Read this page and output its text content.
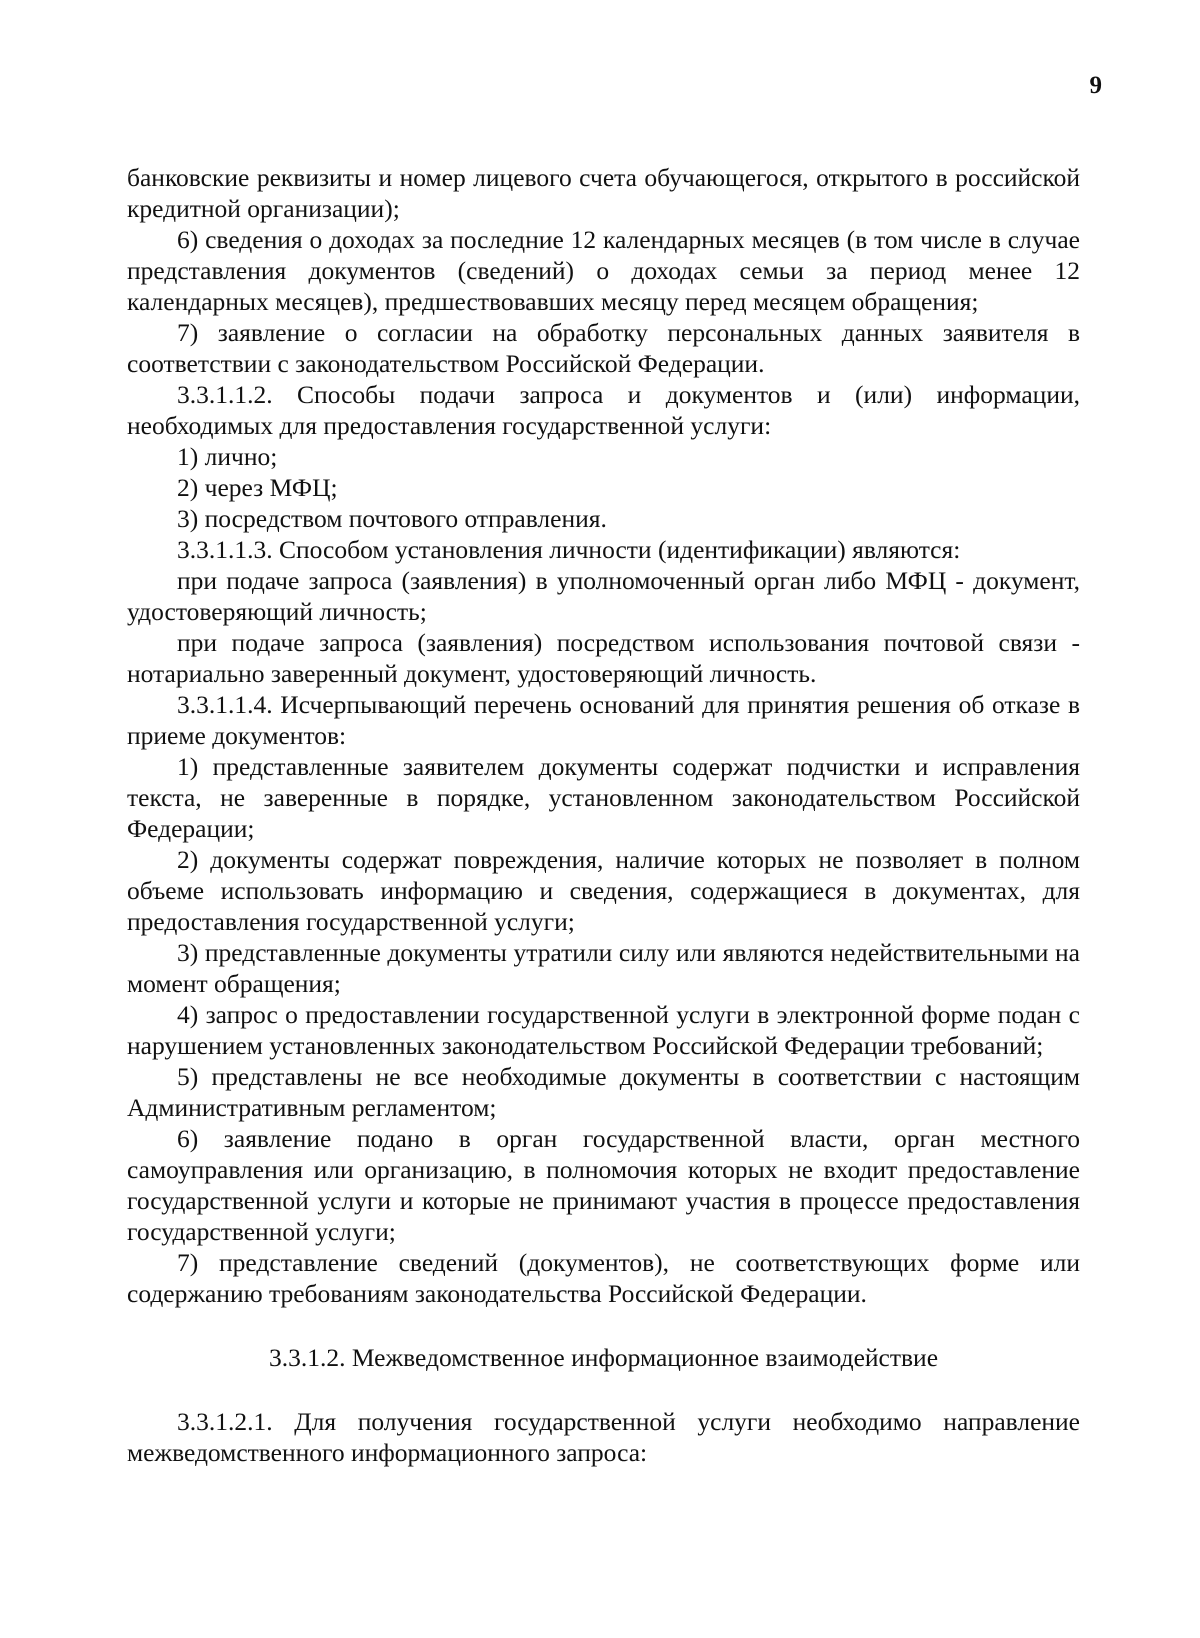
9

банковские реквизиты и номер лицевого счета обучающегося, открытого в российской кредитной организации);

6) сведения о доходах за последние 12 календарных месяцев (в том числе в случае представления документов (сведений) о доходах семьи за период менее 12 календарных месяцев), предшествовавших месяцу перед месяцем обращения;

7) заявление о согласии на обработку персональных данных заявителя в соответствии с законодательством Российской Федерации.

3.3.1.1.2. Способы подачи запроса и документов и (или) информации, необходимых для предоставления государственной услуги:

1) лично;

2) через МФЦ;

3) посредством почтового отправления.

3.3.1.1.3. Способом установления личности (идентификации) являются:

при подаче запроса (заявления) в уполномоченный орган либо МФЦ - документ, удостоверяющий личность;

при подаче запроса (заявления) посредством использования почтовой связи - нотариально заверенный документ, удостоверяющий личность.

3.3.1.1.4. Исчерпывающий перечень оснований для принятия решения об отказе в приеме документов:

1) представленные заявителем документы содержат подчистки и исправления текста, не заверенные в порядке, установленном законодательством Российской Федерации;

2) документы содержат повреждения, наличие которых не позволяет в полном объеме использовать информацию и сведения, содержащиеся в документах, для предоставления государственной услуги;

3) представленные документы утратили силу или являются недействительными на момент обращения;

4) запрос о предоставлении государственной услуги в электронной форме подан с нарушением установленных законодательством Российской Федерации требований;

5) представлены не все необходимые документы в соответствии с настоящим Административным регламентом;

6) заявление подано в орган государственной власти, орган местного самоуправления или организацию, в полномочия которых не входит предоставление государственной услуги и которые не принимают участия в процессе предоставления государственной услуги;

7) представление сведений (документов), не соответствующих форме или содержанию требованиям законодательства Российской Федерации.

3.3.1.2. Межведомственное информационное взаимодействие

3.3.1.2.1. Для получения государственной услуги необходимо направление межведомственного информационного запроса:
